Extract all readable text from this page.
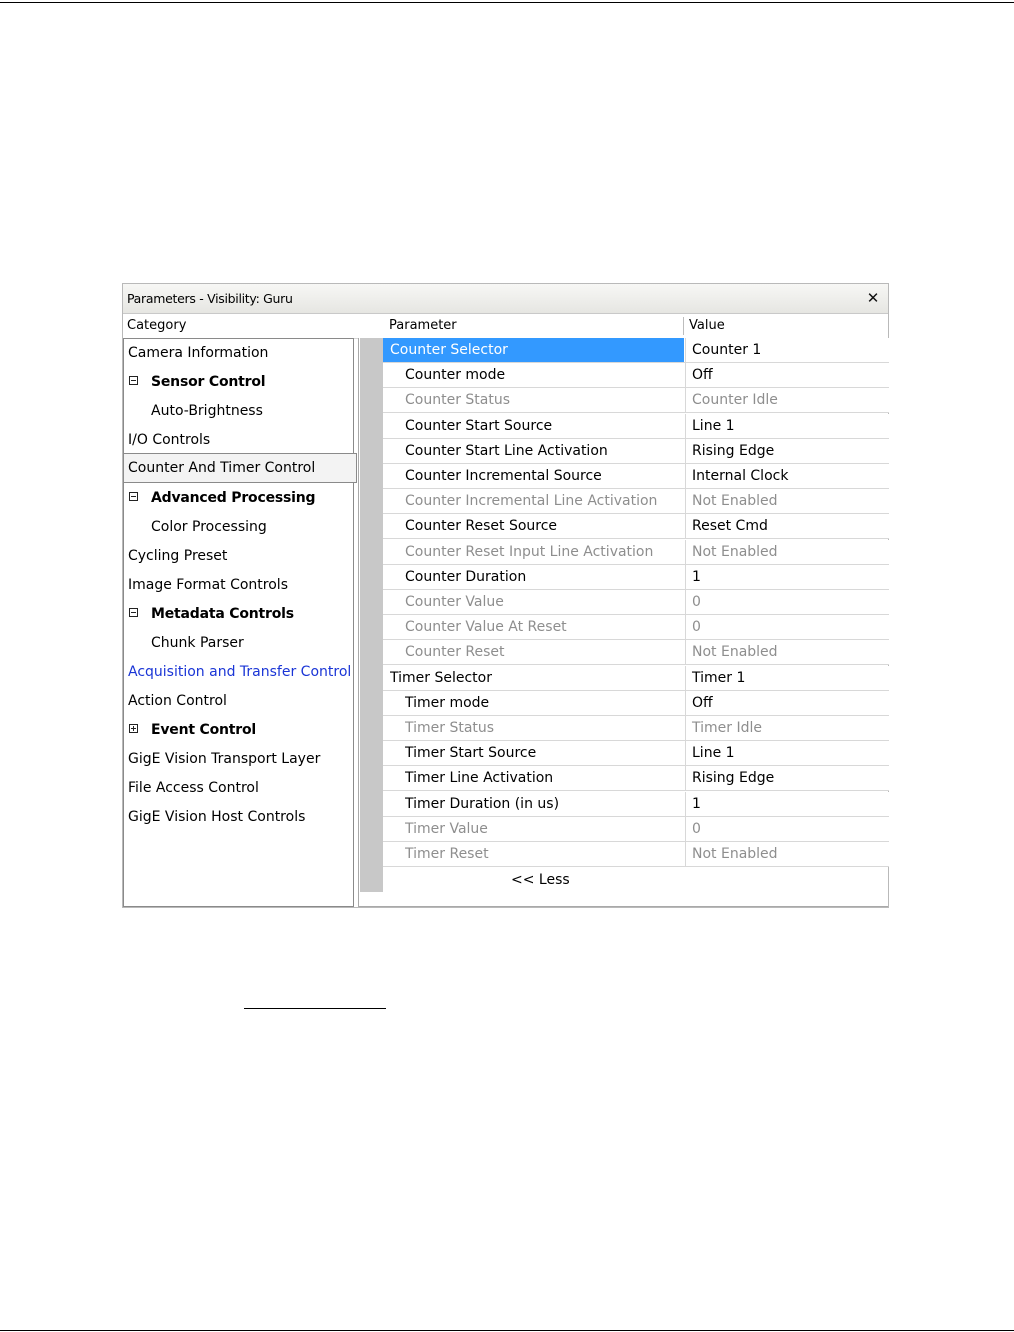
Parameters - Visibility: Guru	✕
Category	Parameter	Value
Camera Information
Sensor Control
Auto-Brightness
I/O Controls
Counter And Timer Control
Advanced Processing
Color Processing
Cycling Preset
Image Format Controls
Metadata Controls
Chunk Parser
Acquisition and Transfer Control
Action Control
Event Control
GigE Vision Transport Layer
File Access Control
GigE Vision Host Controls
<< Less
Counter Selector	Counter 1
Counter mode	Off
Counter Status	Counter Idle
Counter Start Source	Line 1
Counter Start Line Activation	Rising Edge
Counter Incremental Source	Internal Clock
Counter Incremental Line Activation	Not Enabled
Counter Reset Source	Reset Cmd
Counter Reset Input Line Activation	Not Enabled
Counter Duration	1
Counter Value	0
Counter Value At Reset	0
Counter Reset	Not Enabled
Timer Selector	Timer 1
Timer mode	Off
Timer Status	Timer Idle
Timer Start Source	Line 1
Timer Line Activation	Rising Edge
Timer Duration (in us)	1
Timer Value	0
Timer Reset	Not Enabled
